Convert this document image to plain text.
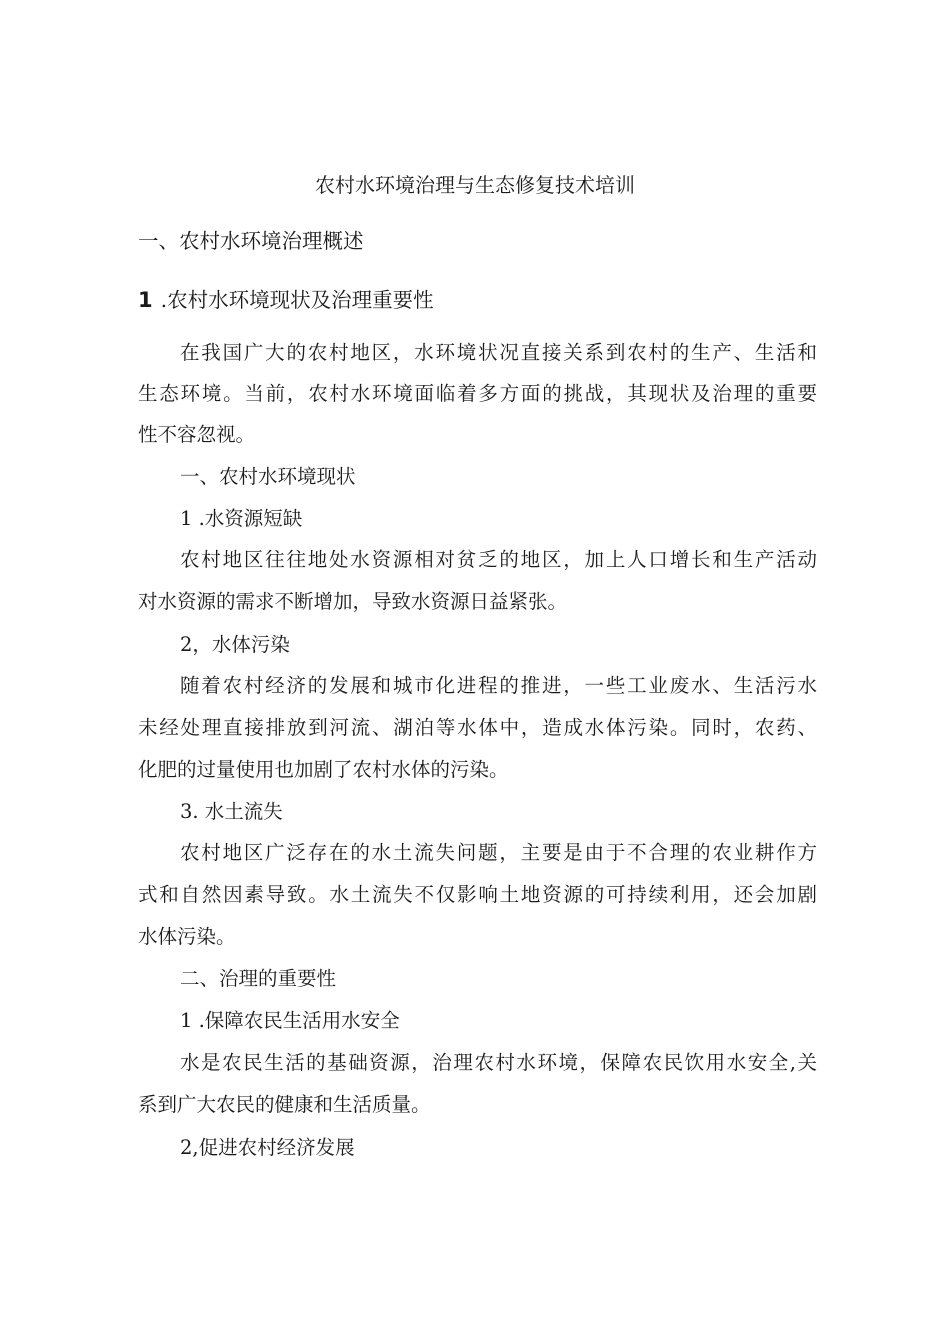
农村水环境治理与生态修复技术培训
一、农村水环境治理概述
1 .农村水环境现状及治理重要性
在我国广大的农村地区，水环境状况直接关系到农村的生产、生活和
生态环境。当前，农村水环境面临着多方面的挑战，其现状及治理的重要
性不容忽视。
一、农村水环境现状
1 .水资源短缺
农村地区往往地处水资源相对贫乏的地区，加上人口增长和生产活动
对水资源的需求不断增加，导致水资源日益紧张。
2，水体污染
随着农村经济的发展和城市化进程的推进，一些工业废水、生活污水
未经处理直接排放到河流、湖泊等水体中，造成水体污染。同时，农药、
化肥的过量使用也加剧了农村水体的污染。
3. 水土流失
农村地区广泛存在的水土流失问题，主要是由于不合理的农业耕作方
式和自然因素导致。水土流失不仅影响土地资源的可持续利用，还会加剧
水体污染。
二、治理的重要性
1 .保障农民生活用水安全
水是农民生活的基础资源，治理农村水环境，保障农民饮用水安全,关
系到广大农民的健康和生活质量。
2,促进农村经济发展
